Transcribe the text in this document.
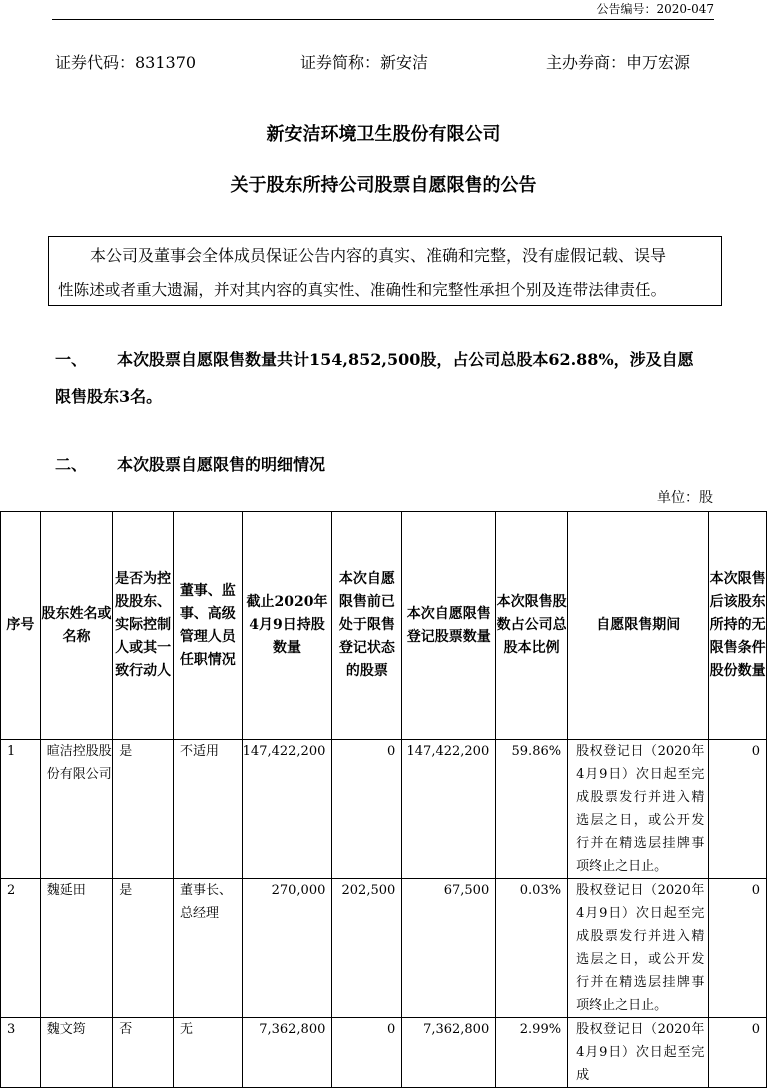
公告编号：2020-047
证券代码：831370	证券简称：新安洁	主办券商：申万宏源
新安洁环境卫生股份有限公司
关于股东所持公司股票自愿限售的公告
本公司及董事会全体成员保证公告内容的真实、准确和完整，没有虚假记载、误导
性陈述或者重大遗漏，并对其内容的真实性、准确性和完整性承担个别及连带法律责任。
一、 本次股票自愿限售数量共计154,852,500股，占公司总股本62.88%，涉及自愿
限售股东3名。
二、 本次股票自愿限售的明细情况
单位：股
序号	股东姓名或名称	是否为控股股东、实际控制人或其一致行动人	董事、监事、高级管理人员任职情况	截止2020年4月9日持股数量	本次自愿限售前已处于限售登记状态的股票	本次自愿限售登记股票数量	本次限售股数占公司总股本比例	自愿限售期间	本次限售后该股东所持的无限售条件股份数量
1	暄洁控股股份有限公司	是	不适用	147,422,200	0	147,422,200	59.86%	股权登记日（2020年4月9日）次日起至完成股票发行并进入精选层之日，或公开发行并在精选层挂牌事项终止之日止。	0
2	魏延田	是	董事长、总经理	270,000	202,500	67,500	0.03%	股权登记日（2020年4月9日）次日起至完成股票发行并进入精选层之日，或公开发行并在精选层挂牌事项终止之日止。	0
3	魏文筠	否	无	7,362,800	0	7,362,800	2.99%	股权登记日（2020年4月9日）次日起至完成	0
